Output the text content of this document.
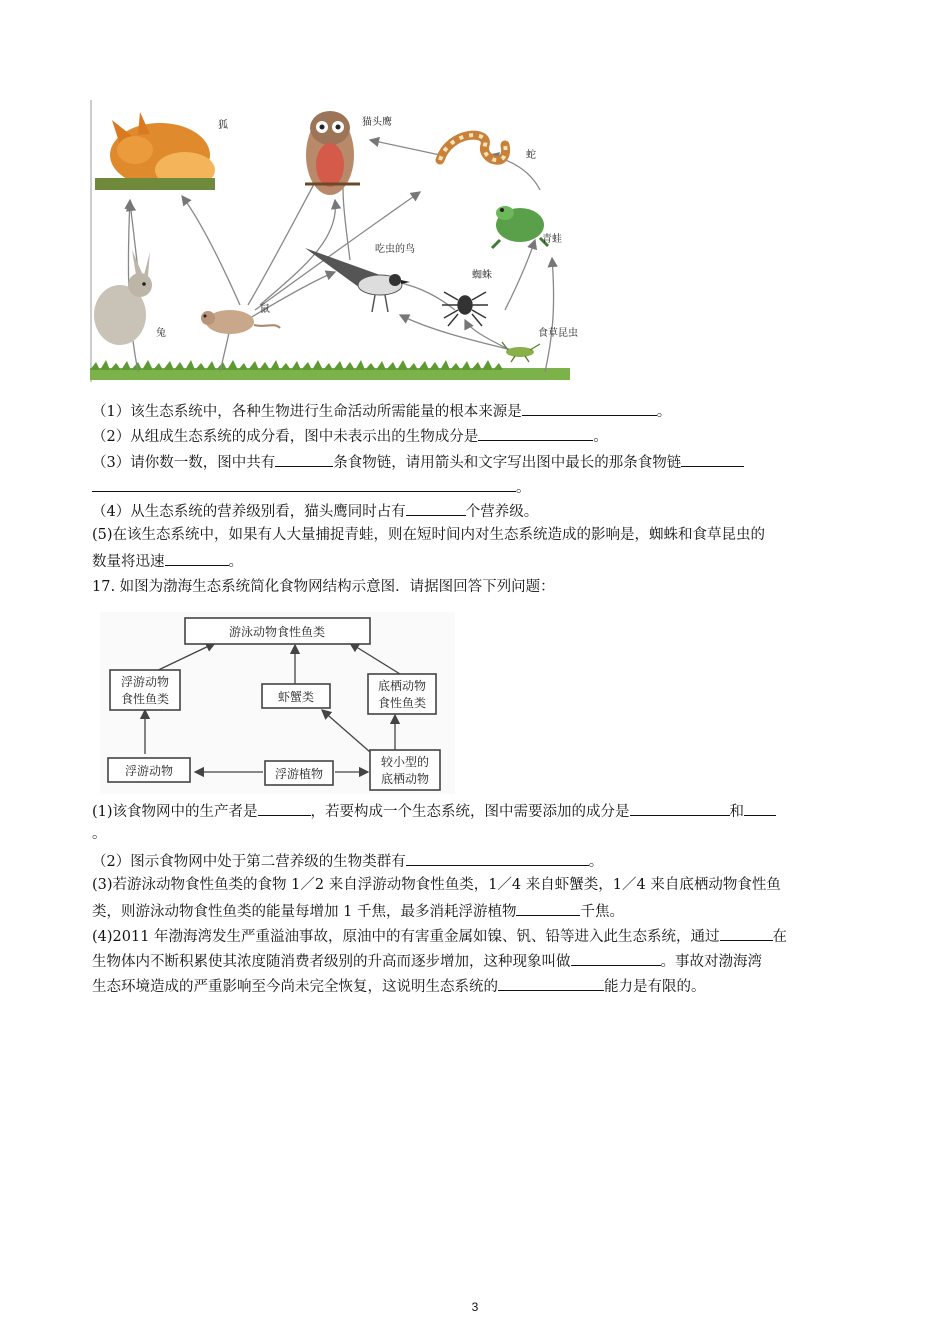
狐	猫头鹰
蛇
青蛙
吃虫的鸟
蜘蛛
兔
鼠
食草昆虫
（1）该生态系统中，各种生物进行生命活动所需能量的根本来源是	。
（2）从组成生态系统的成分看，图中未表示出的生物成分是	。
（3）请你数一数，图中共有	条食物链，请用箭头和文字写出图中最长的那条食物链
。
（4）从生态系统的营养级别看，猫头鹰同时占有	个营养级。
(5)在该生态系统中，如果有人大量捕捉青蛙，则在短时间内对生态系统造成的影响是，蜘蛛和食草昆虫的
数量将迅速	。
17. 如图为渤海生态系统简化食物网结构示意图．请据图回答下列问题：
游泳动物食性鱼类
浮游动物
食性鱼类	虾蟹类
底栖动物
食性鱼类
浮游动物	浮游植物
较小型的
底栖动物
(1)该食物网中的生产者是	，若要构成一个生态系统，图中需要添加的成分是	和
。
（2）图示食物网中处于第二营养级的生物类群有	。
(3)若游泳动物食性鱼类的食物 1／2 来自浮游动物食性鱼类，1／4 来自虾蟹类，1／4 来自底栖动物食性鱼
类，则游泳动物食性鱼类的能量每增加 1 千焦，最多消耗浮游植物	千焦。
(4)2011 年渤海湾发生严重溢油事故，原油中的有害重金属如镍、钒、铅等进入此生态系统，通过	在
生物体内不断积累使其浓度随消费者级别的升高而逐步增加，这种现象叫做	。事故对渤海湾
生态环境造成的严重影响至今尚未完全恢复，这说明生态系统的	能力是有限的。
3
